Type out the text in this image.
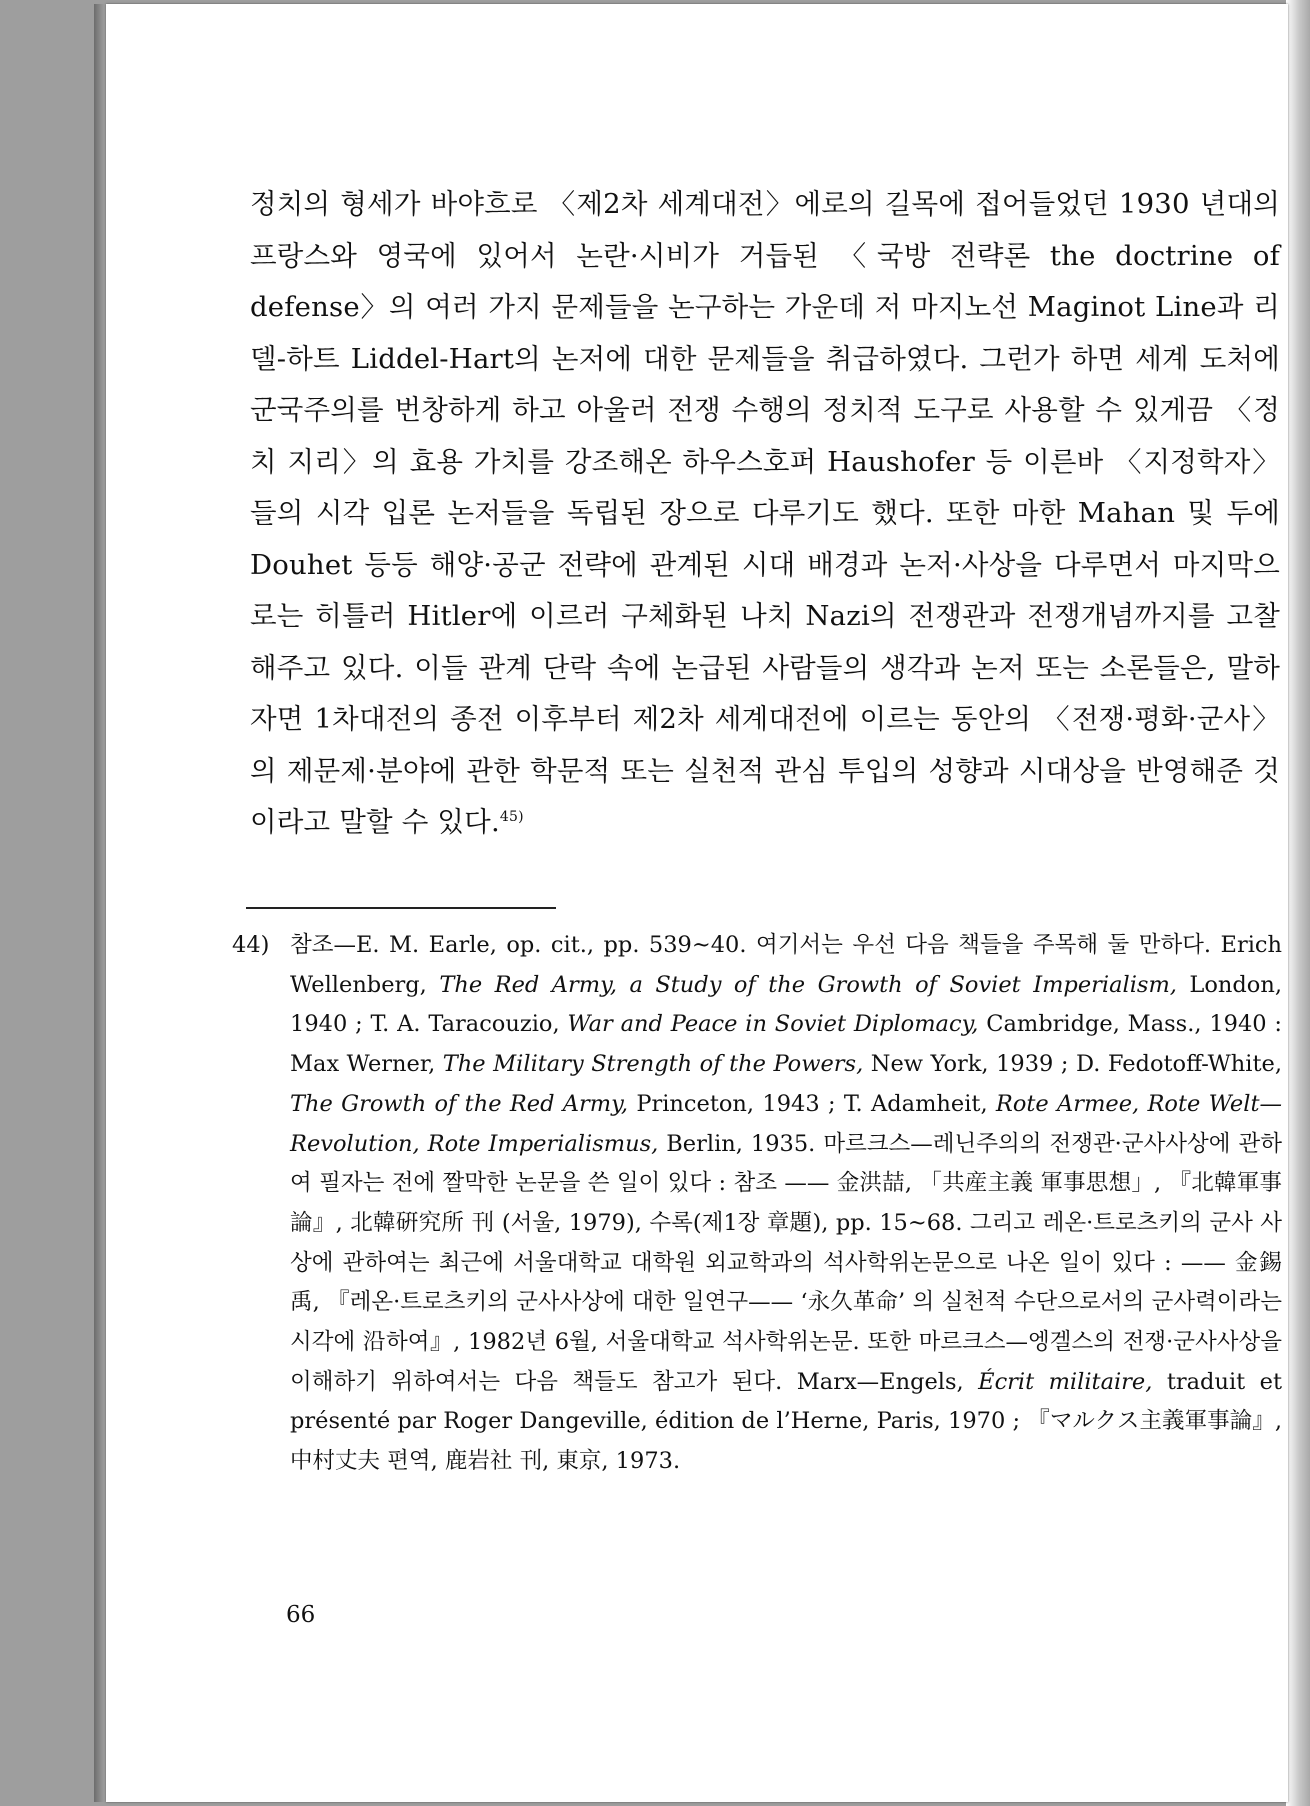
정치의 형세가 바야흐로 〈제2차 세계대전〉에로의 길목에 접어들었던 1930 년대의 프랑스와 영국에 있어서 논란·시비가 거듭된 〈국방 전략론 the doctrine of defense〉의 여러 가지 문제들을 논구하는 가운데 저 마지노선 Maginot Line과 리델-하트 Liddel-Hart의 논저에 대한 문제들을 취급하였다. 그런가 하면 세계 도처에 군국주의를 번창하게 하고 아울러 전쟁 수행의 정치적 도구로 사용할 수 있게끔 〈정치 지리〉의 효용 가치를 강조해온 하우스호퍼 Haushofer 등 이른바 〈지정학자〉들의 시각 입론 논저들을 독립된 장으로 다루기도 했다. 또한 마한 Mahan 및 두에 Douhet 등등 해양·공군 전략에 관계된 시대 배경과 논저·사상을 다루면서 마지막으로는 히틀러 Hitler에 이르러 구체화된 나치 Nazi의 전쟁관과 전쟁개념까지를 고찰해주고 있다. 이들 관계 단락 속에 논급된 사람들의 생각과 논저 또는 소론들은, 말하자면 1차대전의 종전 이후부터 제2차 세계대전에 이르는 동안의 〈전쟁·평화·군사〉의 제문제·분야에 관한 학문적 또는 실천적 관심 투입의 성향과 시대상을 반영해준 것이라고 말할 수 있다.$^{45)}$

44) 참조—E. M. Earle, op. cit., pp. 539~40. 여기서는 우선 다음 책들을 주목해 둘 만하다. Erich Wellenberg, The Red Army, a Study of the Growth of Soviet Imperialism, London, 1940 ; T. A. Taracouzio, War and Peace in Soviet Diplomacy, Cambridge, Mass., 1940 : Max Werner, The Military Strength of the Powers, New York, 1939 ; D. Fedotoff-White, The Growth of the Red Army, Princeton, 1943 ; T. Adamheit, Rote Armee, Rote Welt—Revolution, Rote Imperialismus, Berlin, 1935. 마르크스—레닌주의의 전쟁관·군사사상에 관하여 필자는 전에 짤막한 논문을 쓴 일이 있다 : 참조 —— 金洪喆, 「共産主義 軍事思想」, 『北韓軍事論』, 北韓硏究所 刊 (서울, 1979), 수록(제1장 章題), pp. 15~68. 그리고 레온·트로츠키의 군사 사상에 관하여는 최근에 서울대학교 대학원 외교학과의 석사학위논문으로 나온 일이 있다 : —— 金錫禹, 『레온·트로츠키의 군사사상에 대한 일연구—— ‘永久革命’ 의 실천적 수단으로서의 군사력이라는 시각에 沿하여』, 1982년 6월, 서울대학교 석사학위논문. 또한 마르크스—엥겔스의 전쟁·군사사상을 이해하기 위하여서는 다음 책들도 참고가 된다. Marx—Engels, Écrit militaire, traduit et présenté par Roger Dangeville, édition de l’Herne, Paris, 1970 ; 『マルクス主義軍事論』, 中村丈夫 편역, 鹿岩社 刊, 東京, 1973.
66
